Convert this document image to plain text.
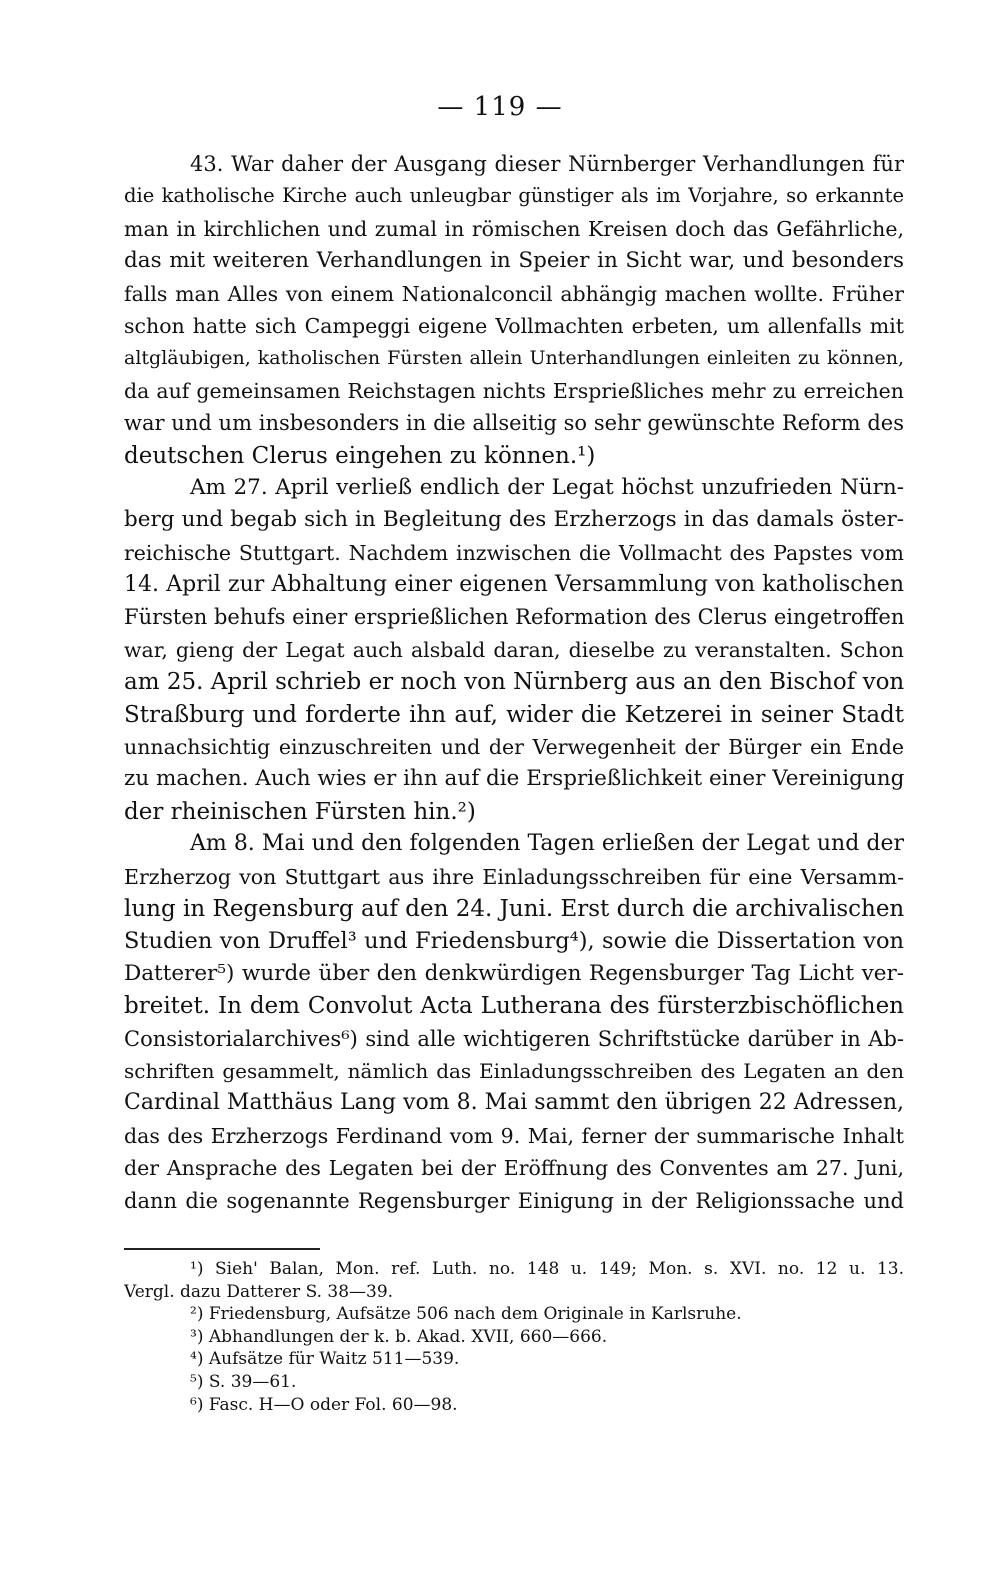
— 119 —
43. War daher der Ausgang dieser Nürnberger Verhandlungen für
die katholische Kirche auch unleugbar günstiger als im Vorjahre, so erkannte
man in kirchlichen und zumal in römischen Kreisen doch das Gefährliche,
das mit weiteren Verhandlungen in Speier in Sicht war, und besonders
falls man Alles von einem Nationalconcil abhängig machen wollte. Früher
schon hatte sich Campeggi eigene Vollmachten erbeten, um allenfalls mit
altgläubigen, katholischen Fürsten allein Unterhandlungen einleiten zu können,
da auf gemeinsamen Reichstagen nichts Ersprießliches mehr zu erreichen
war und um insbesonders in die allseitig so sehr gewünschte Reform des
deutschen Clerus eingehen zu können.¹)
Am 27. April verließ endlich der Legat höchst unzufrieden Nürn-
berg und begab sich in Begleitung des Erzherzogs in das damals öster-
reichische Stuttgart. Nachdem inzwischen die Vollmacht des Papstes vom
14. April zur Abhaltung einer eigenen Versammlung von katholischen
Fürsten behufs einer ersprießlichen Reformation des Clerus eingetroffen
war, gieng der Legat auch alsbald daran, dieselbe zu veranstalten. Schon
am 25. April schrieb er noch von Nürnberg aus an den Bischof von
Straßburg und forderte ihn auf, wider die Ketzerei in seiner Stadt
unnachsichtig einzuschreiten und der Verwegenheit der Bürger ein Ende
zu machen. Auch wies er ihn auf die Ersprießlichkeit einer Vereinigung
der rheinischen Fürsten hin.²)
Am 8. Mai und den folgenden Tagen erließen der Legat und der
Erzherzog von Stuttgart aus ihre Einladungsschreiben für eine Versamm-
lung in Regensburg auf den 24. Juni. Erst durch die archivalischen
Studien von Druffel³ und Friedensburg⁴), sowie die Dissertation von
Datterer⁵) wurde über den denkwürdigen Regensburger Tag Licht ver-
breitet. In dem Convolut Acta Lutherana des fürsterzbischöflichen
Consistorialarchives⁶) sind alle wichtigeren Schriftstücke darüber in Ab-
schriften gesammelt, nämlich das Einladungsschreiben des Legaten an den
Cardinal Matthäus Lang vom 8. Mai sammt den übrigen 22 Adressen,
das des Erzherzogs Ferdinand vom 9. Mai, ferner der summarische Inhalt
der Ansprache des Legaten bei der Eröffnung des Conventes am 27. Juni,
dann die sogenannte Regensburger Einigung in der Religionssache und
¹) Sieh' Balan, Mon. ref. Luth. no. 148 u. 149; Mon. s. XVI. no. 12 u. 13.
Vergl. dazu Datterer S. 38—39.
²) Friedensburg, Aufsätze 506 nach dem Originale in Karlsruhe.
³) Abhandlungen der k. b. Akad. XVII, 660—666.
⁴) Aufsätze für Waitz 511—539.
⁵) S. 39—61.
⁶) Fasc. H—O oder Fol. 60—98.
